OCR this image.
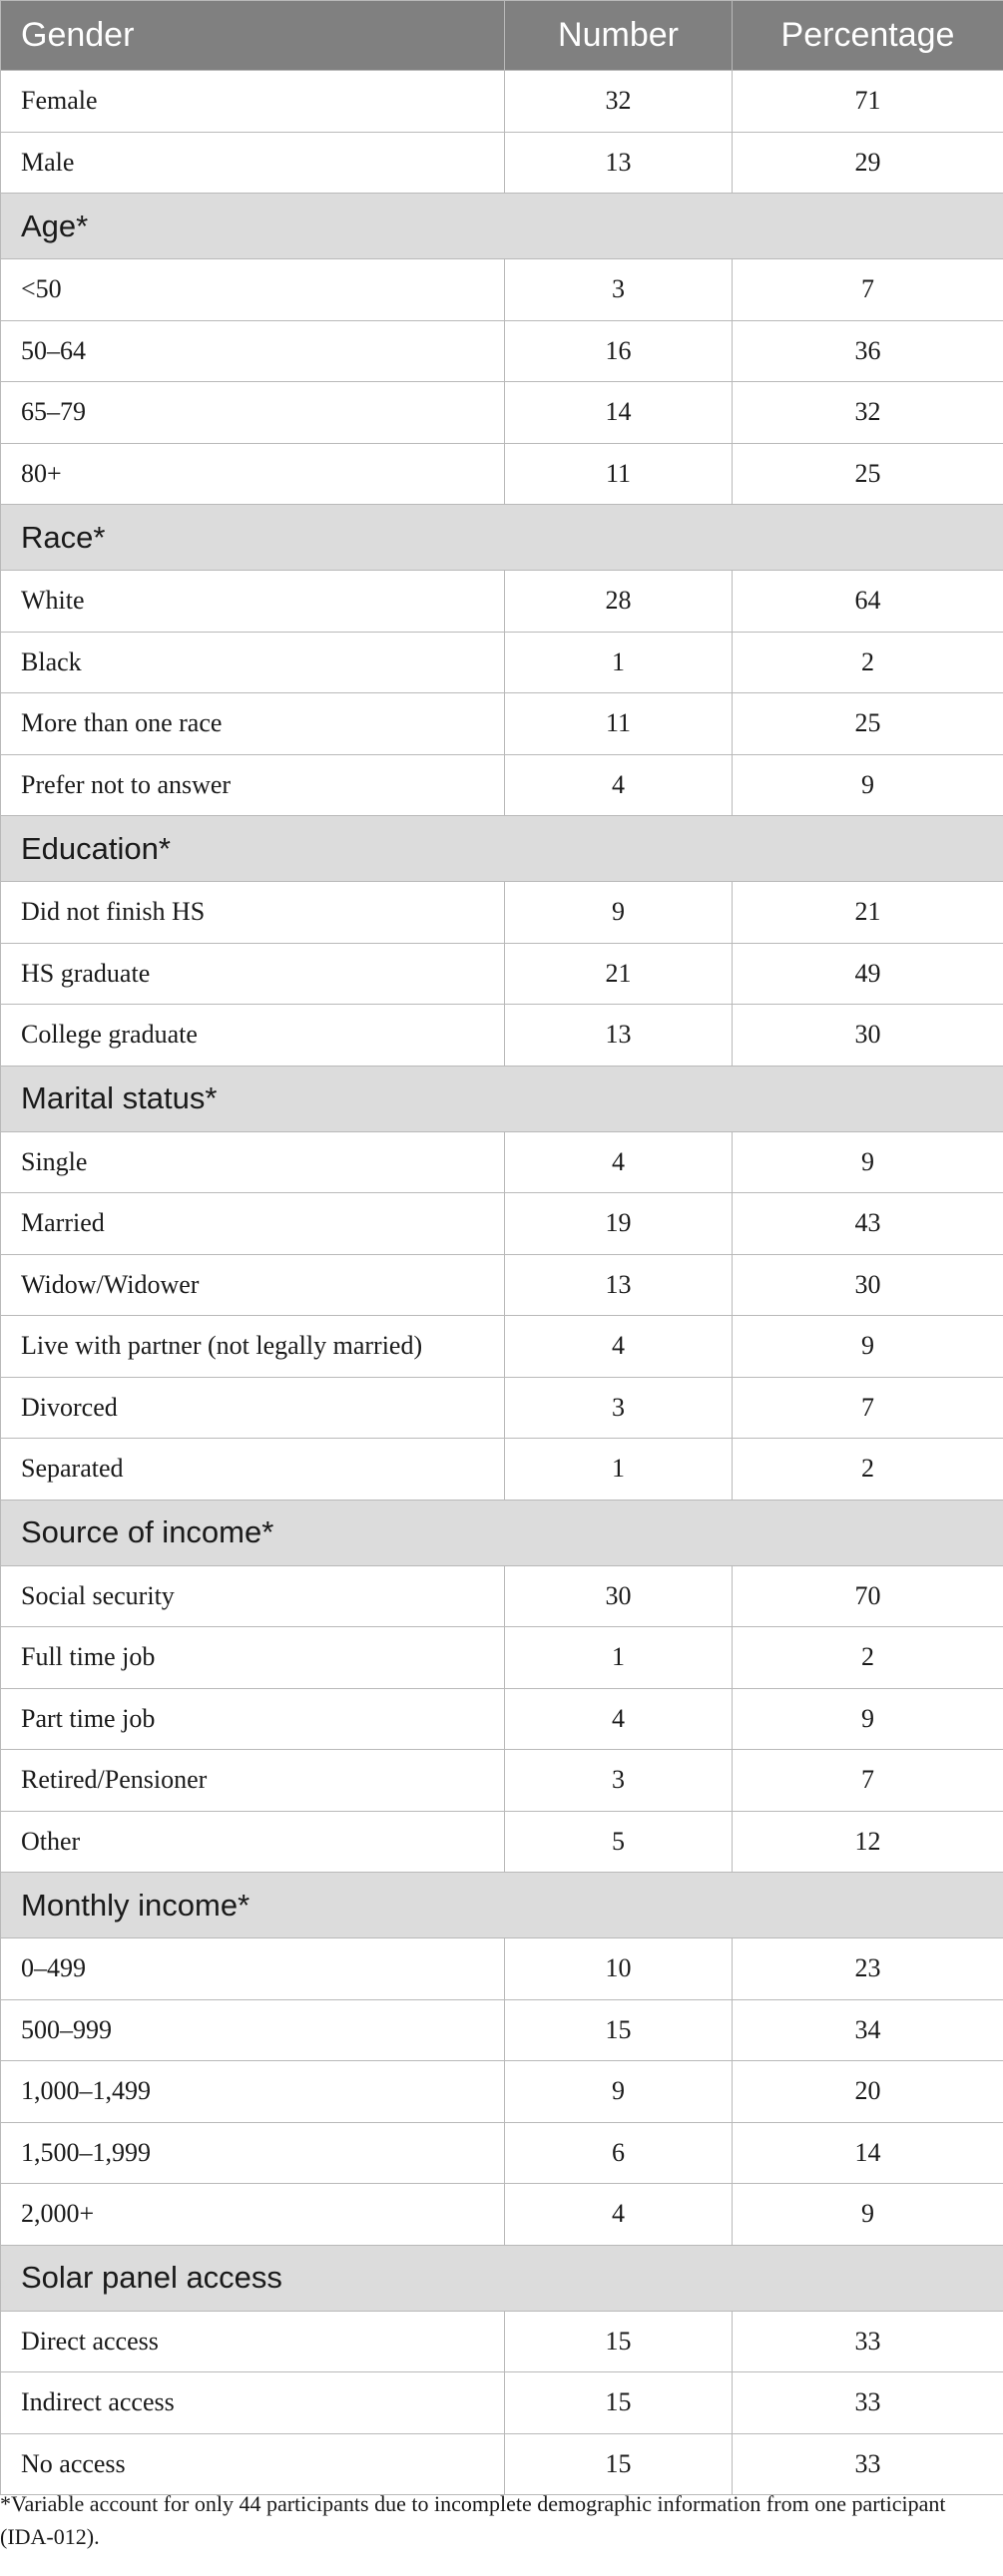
Gender	Number	Percentage
Female	32	71
Male	13	29
Age*		
<50	3	7
50–64	16	36
65–79	14	32
80+	11	25
Race*		
White	28	64
Black	1	2
More than one race	11	25
Prefer not to answer	4	9
Education*		
Did not finish HS	9	21
HS graduate	21	49
College graduate	13	30
Marital status*		
Single	4	9
Married	19	43
Widow/Widower	13	30
Live with partner (not legally married)	4	9
Divorced	3	7
Separated	1	2
Source of income*		
Social security	30	70
Full time job	1	2
Part time job	4	9
Retired/Pensioner	3	7
Other	5	12
Monthly income*		
0–499	10	23
500–999	15	34
1,000–1,499	9	20
1,500–1,999	6	14
2,000+	4	9
Solar panel access		
Direct access	15	33
Indirect access	15	33
No access	15	33
*Variable account for only 44 participants due to incomplete demographic information from one participant (IDA-012).
